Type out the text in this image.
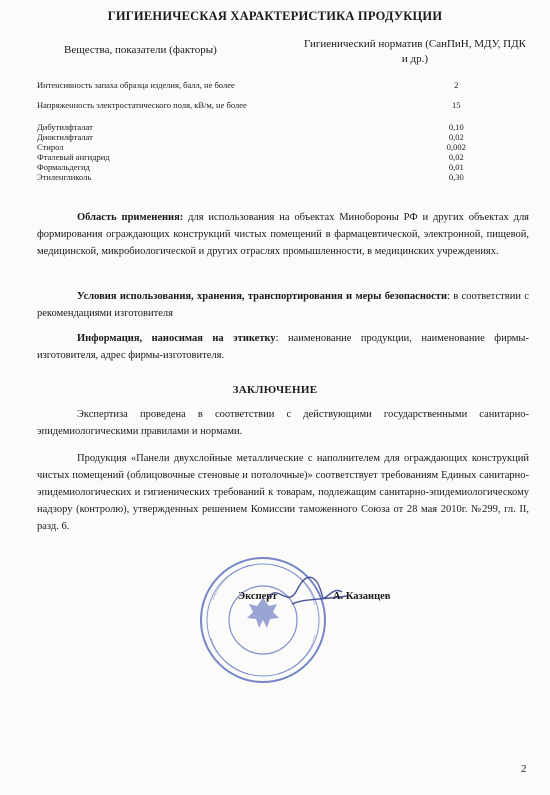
ГИГИЕНИЧЕСКАЯ ХАРАКТЕРИСТИКА ПРОДУКЦИИ
Вещества, показатели (факторы)	Гигиенический норматив (СанПиН, МДУ, ПДК и др.)
Интенсивность запаха образца изделия, балл, не более	2
Напряженность электростатического поля, кВ/м, не более	15
Дибутилфталат	0,10
Диоктилфталат	0,02
Стирол	0,002
Фталевый ангидрид	0,02
Формальдегид	0,01
Этиленгликоль	0,30
Область применения: для использования на объектах Минобороны РФ и других объектах для формирования ограждающих конструкций чистых помещений в фармацевтической, электронной, пищевой, медицинской, микробиологической и других отраслях промышленности, в медицинских учреждениях.
Условия использования, хранения, транспортирования и меры безопасности: в соответствии с рекомендациями изготовителя
Информация, наносимая на этикетку: наименование продукции, наименование фирмы-изготовителя, адрес фирмы-изготовителя.
ЗАКЛЮЧЕНИЕ
Экспертиза проведена в соответствии с действующими государственными санитарно-эпидемиологическими правилами и нормами.
Продукция «Панели двухслойные металлические с наполнителем для ограждающих конструкций чистых помещений (облицовочные стеновые и потолочные)» соответствует требованиям Единых санитарно-эпидемиологических и гигиенических требований к товарам, подлежащим санитарно-эпидемиологическому надзору (контролю), утвержденных решением Комиссии таможенного Союза от 28 мая 2010г. №299, гл. II, разд. 6.
Эксперт	А. Казанцев
2
